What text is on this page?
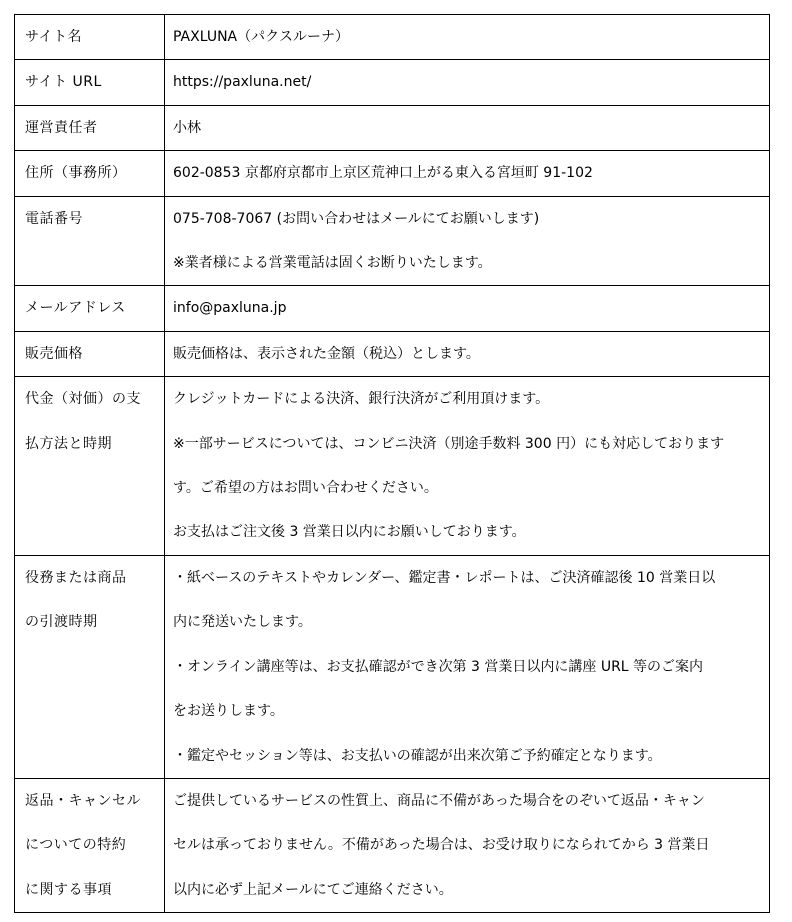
サイト名	PAXLUNA（パクスルーナ）

サイト URL	https://paxluna.net/

運営責任者	小林

住所（事務所）	602-0853 京都府京都市上京区荒神口上がる東入る宮垣町 91-102

電話番号	075-708-7067 (お問い合わせはメールにてお願いします)
※業者様による営業電話は固くお断りいたします。

メールアドレス	info@paxluna.jp

販売価格	販売価格は、表示された金額（税込）とします。

代金（対価）の支
払方法と時期	クレジットカードによる決済、銀行決済がご利用頂けます。
※一部サービスについては、コンビニ決済（別途手数料 300 円）にも対応しております
す。ご希望の方はお問い合わせください。
お支払はご注文後 3 営業日以内にお願いしております。

役務または商品
の引渡時期	・紙ベースのテキストやカレンダー、鑑定書・レポートは、ご決済確認後 10 営業日以
内に発送いたします。
・オンライン講座等は、お支払確認ができ次第 3 営業日以内に講座 URL 等のご案内
をお送りします。
・鑑定やセッション等は、お支払いの確認が出来次第ご予約確定となります。

返品・キャンセル
についての特約
に関する事項	ご提供しているサービスの性質上、商品に不備があった場合をのぞいて返品・キャン
セルは承っておりません。不備があった場合は、お受け取りになられてから 3 営業日
以内に必ず上記メールにてご連絡ください。
